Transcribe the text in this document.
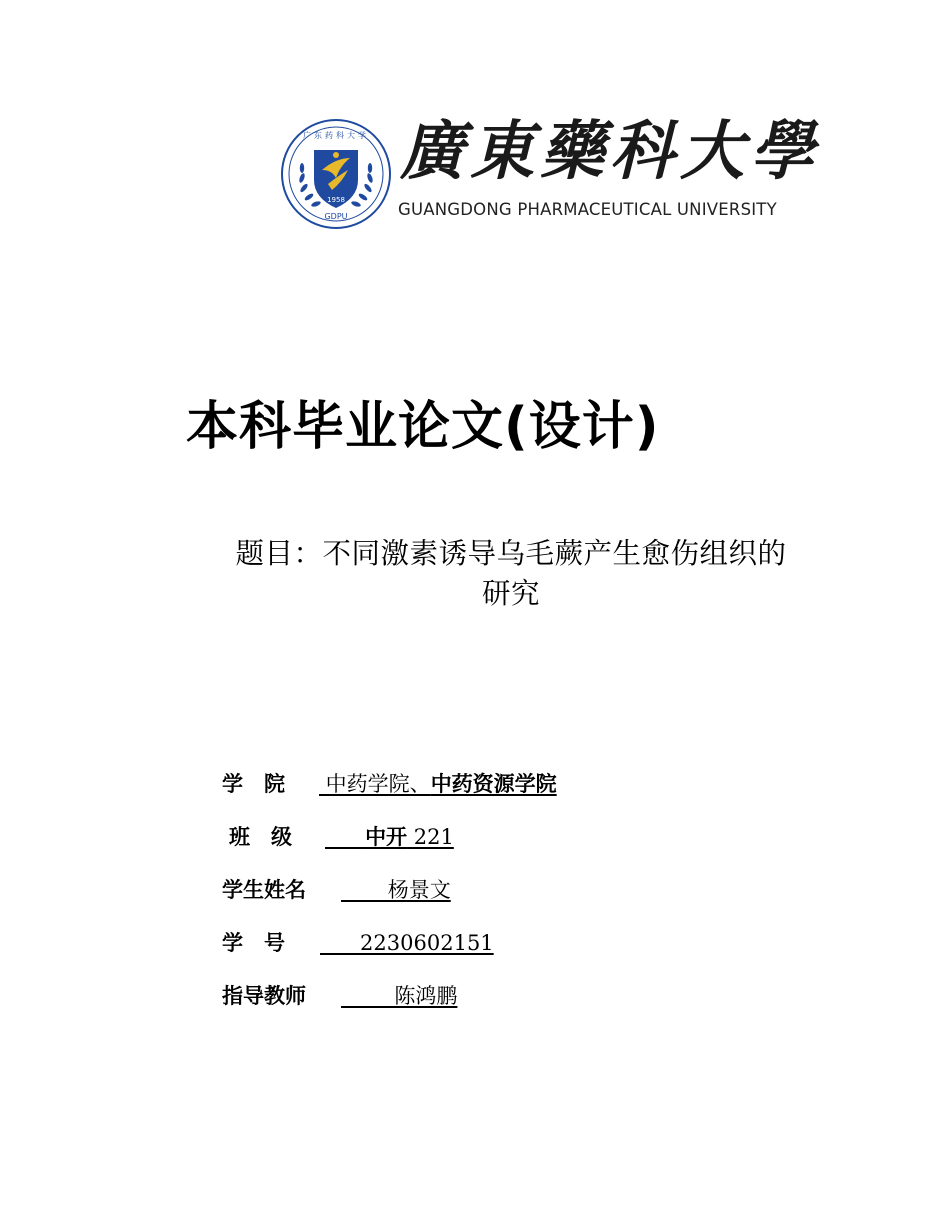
1958
GDPU
广东药科大学 廣東藥科大學
GUANGDONG PHARMACEUTICAL UNIVERSITY
本科毕业论文(设计)
题目：不同激素诱导乌毛蕨产生愈伤组织的
研究
学　院 中药学院、中药资源学院
班　级	中开 221
学生姓名 杨景文
学　号 2230602151
指导教师 陈鸿鹏
